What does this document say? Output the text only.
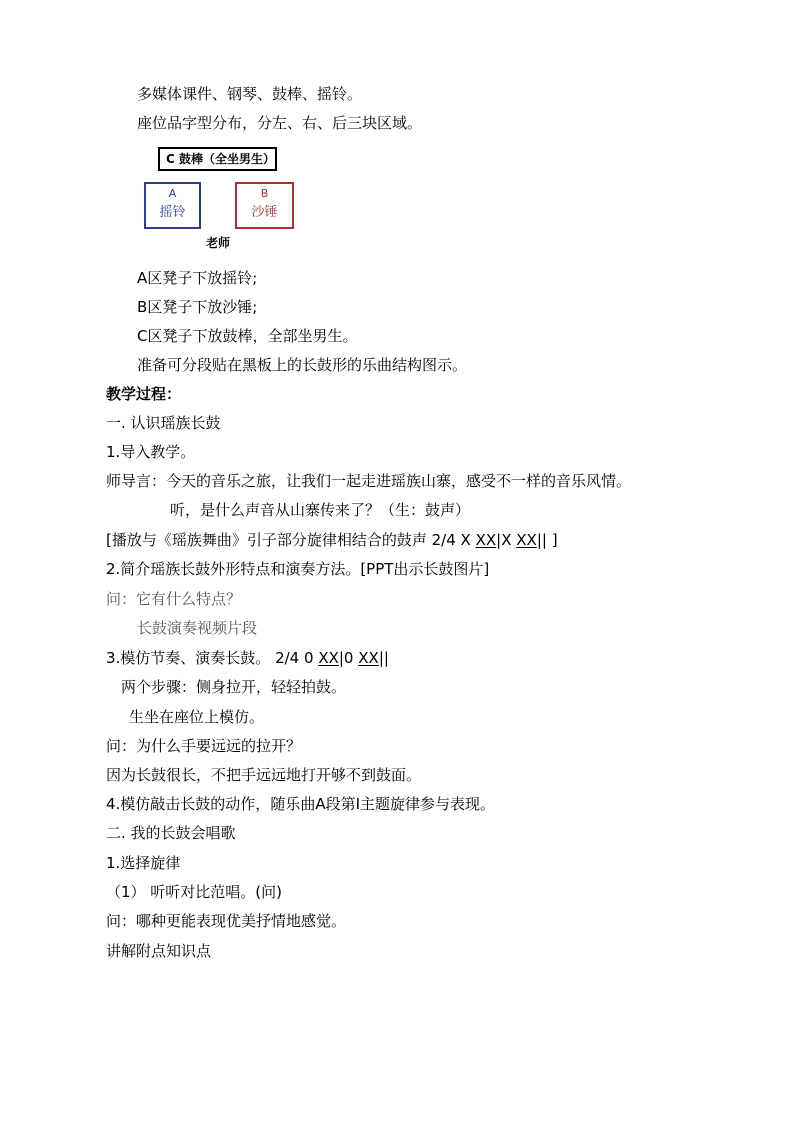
多媒体课件、钢琴、鼓棒、摇铃。
座位品字型分布，分左、右、后三块区域。
C 鼓棒（全坐男生）
A
摇铃
B
沙锤
老师
A区凳子下放摇铃;
B区凳子下放沙锤;
C区凳子下放鼓棒，全部坐男生。
准备可分段贴在黑板上的长鼓形的乐曲结构图示。
教学过程：
一. 认识瑶族长鼓
1.导入教学。
师导言：今天的音乐之旅，让我们一起走进瑶族山寨，感受不一样的音乐风情。
听，是什么声音从山寨传来了？（生：鼓声）
[播放与《瑶族舞曲》引子部分旋律相结合的鼓声 2/4 X XX|X XX|| ]
2.简介瑶族长鼓外形特点和演奏方法。[PPT出示长鼓图片]
问：它有什么特点？
长鼓演奏视频片段
3.模仿节奏、演奏长鼓。 2/4 0 XX|0 XX||
两个步骤：侧身拉开，轻轻拍鼓。
生坐在座位上模仿。
问：为什么手要远远的拉开？
因为长鼓很长，不把手远远地打开够不到鼓面。
4.模仿敲击长鼓的动作，随乐曲A段第I主题旋律参与表现。
二. 我的长鼓会唱歌
1.选择旋律
（1） 听听对比范唱。(问)
问：哪种更能表现优美抒情地感觉。
讲解附点知识点
